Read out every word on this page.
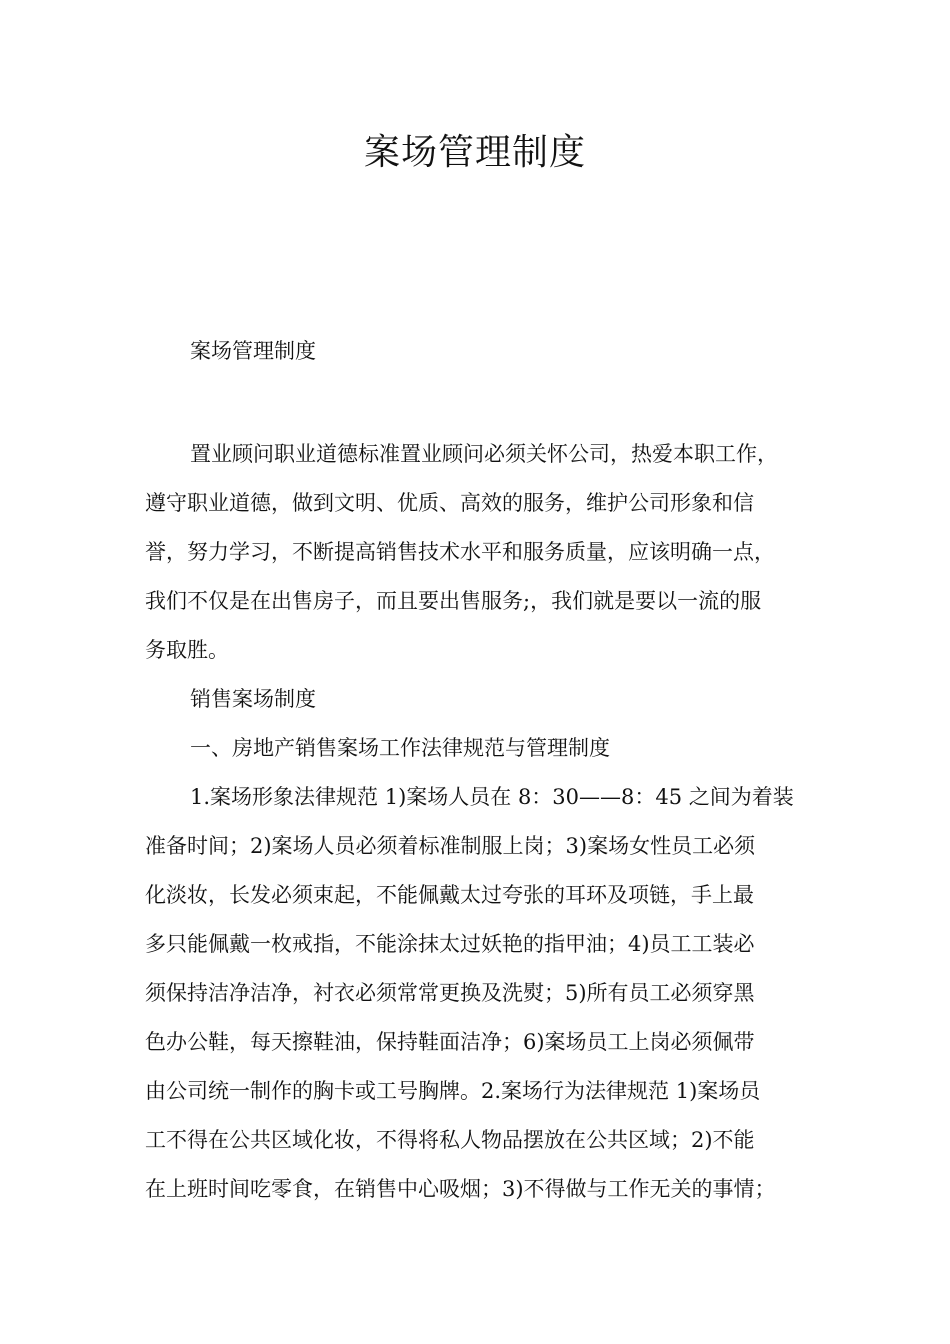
案场管理制度

案场管理制度

置业顾问职业道德标准置业顾问必须关怀公司，热爱本职工作，
遵守职业道德，做到文明、优质、高效的服务，维护公司形象和信
誉，努力学习，不断提高销售技术水平和服务质量，应该明确一点，
我们不仅是在出售房子，而且要出售服务;，我们就是要以一流的服
务取胜。
销售案场制度
一、房地产销售案场工作法律规范与管理制度
1.案场形象法律规范 1)案场人员在 8：30——8：45 之间为着装
准备时间；2)案场人员必须着标准制服上岗；3)案场女性员工必须
化淡妆，长发必须束起，不能佩戴太过夸张的耳环及项链，手上最
多只能佩戴一枚戒指，不能涂抹太过妖艳的指甲油；4)员工工装必
须保持洁净洁净，衬衣必须常常更换及洗熨；5)所有员工必须穿黑
色办公鞋，每天擦鞋油，保持鞋面洁净；6)案场员工上岗必须佩带
由公司统一制作的胸卡或工号胸牌。2.案场行为法律规范 1)案场员
工不得在公共区域化妆，不得将私人物品摆放在公共区域；2)不能
在上班时间吃零食，在销售中心吸烟；3)不得做与工作无关的事情；
